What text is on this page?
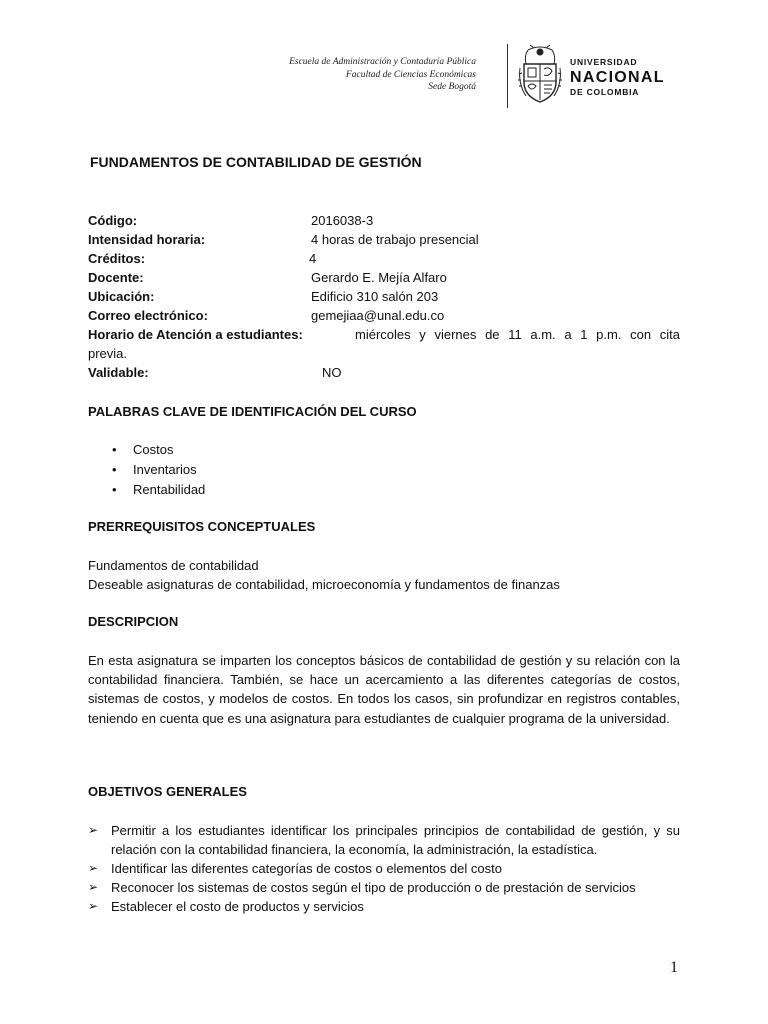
Escuela de Administración y Contaduría Pública
Facultad de Ciencias Económicas
Sede Bogotá
UNIVERSIDAD
NACIONAL
DE COLOMBIA
FUNDAMENTOS DE CONTABILIDAD DE GESTIÓN
Código:	2016038-3
Intensidad horaria:	4 horas de trabajo presencial
Créditos:	4
Docente:	Gerardo E. Mejía Alfaro
Ubicación:	Edificio 310 salón 203
Correo electrónico:	gemejiaa@unal.edu.co
Horario de Atención a estudiantes:	miércoles y viernes de 11 a.m. a 1 p.m. con cita
previa.
Validable:	NO
PALABRAS CLAVE DE IDENTIFICACIÓN DEL CURSO
• Costos
• Inventarios
• Rentabilidad
PRERREQUISITOS CONCEPTUALES
Fundamentos de contabilidad
Deseable asignaturas de contabilidad, microeconomía y fundamentos de finanzas
DESCRIPCION
En esta asignatura se imparten los conceptos básicos de contabilidad de gestión y su relación con la contabilidad financiera. También, se hace un acercamiento a las diferentes categorías de costos, sistemas de costos, y modelos de costos. En todos los casos, sin profundizar en registros contables, teniendo en cuenta que es una asignatura para estudiantes de cualquier programa de la universidad.
OBJETIVOS GENERALES
➢ Permitir a los estudiantes identificar los principales principios de contabilidad de gestión, y su relación con la contabilidad financiera, la economía, la administración, la estadística.
➢ Identificar las diferentes categorías de costos o elementos del costo
➢ Reconocer los sistemas de costos según el tipo de producción o de prestación de servicios
➢ Establecer el costo de productos y servicios
1
